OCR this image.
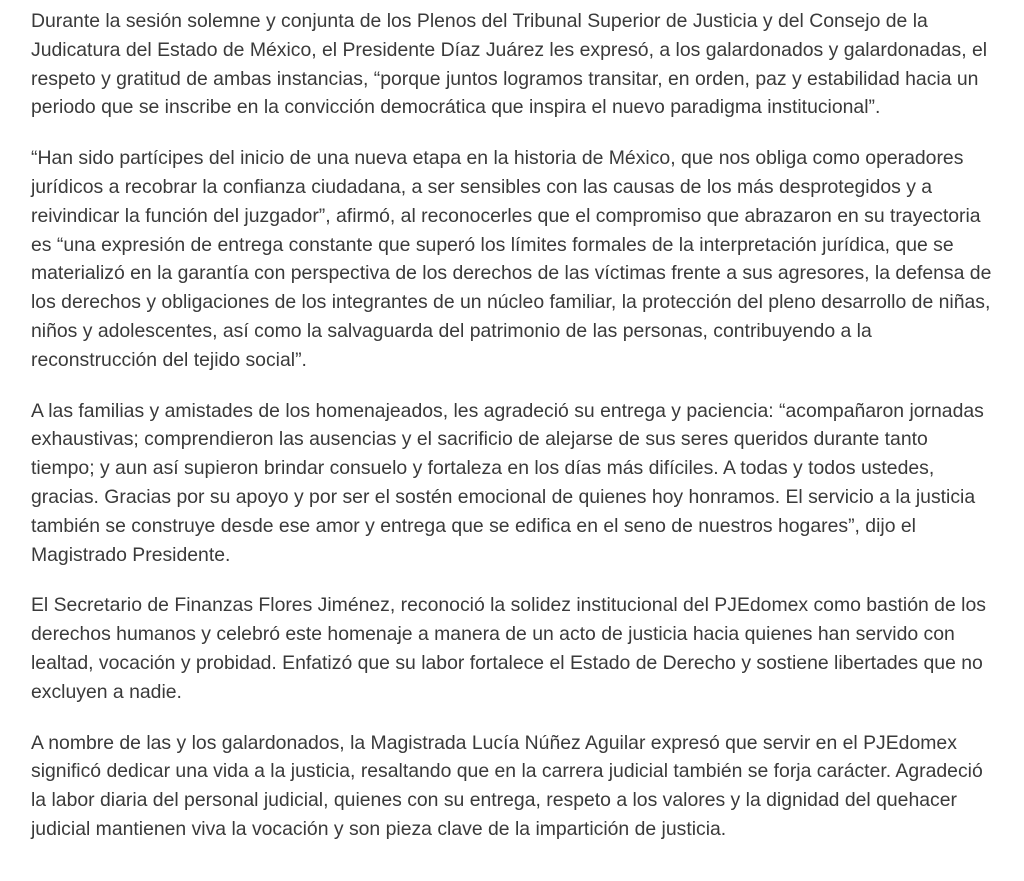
Durante la sesión solemne y conjunta de los Plenos del Tribunal Superior de Justicia y del Consejo de la Judicatura del Estado de México, el Presidente Díaz Juárez les expresó, a los galardonados y galardonadas, el respeto y gratitud de ambas instancias, “porque juntos logramos transitar, en orden, paz y estabilidad hacia un periodo que se inscribe en la convicción democrática que inspira el nuevo paradigma institucional”.

“Han sido partícipes del inicio de una nueva etapa en la historia de México, que nos obliga como operadores jurídicos a recobrar la confianza ciudadana, a ser sensibles con las causas de los más desprotegidos y a reivindicar la función del juzgador”, afirmó, al reconocerles que el compromiso que abrazaron en su trayectoria es “una expresión de entrega constante que superó los límites formales de la interpretación jurídica, que se materializó en la garantía con perspectiva de los derechos de las víctimas frente a sus agresores, la defensa de los derechos y obligaciones de los integrantes de un núcleo familiar, la protección del pleno desarrollo de niñas, niños y adolescentes, así como la salvaguarda del patrimonio de las personas, contribuyendo a la reconstrucción del tejido social”.

A las familias y amistades de los homenajeados, les agradeció su entrega y paciencia: “acompañaron jornadas exhaustivas; comprendieron las ausencias y el sacrificio de alejarse de sus seres queridos durante tanto tiempo; y aun así supieron brindar consuelo y fortaleza en los días más difíciles. A todas y todos ustedes, gracias. Gracias por su apoyo y por ser el sostén emocional de quienes hoy honramos. El servicio a la justicia también se construye desde ese amor y entrega que se edifica en el seno de nuestros hogares”, dijo el Magistrado Presidente.

El Secretario de Finanzas Flores Jiménez, reconoció la solidez institucional del PJEdomex como bastión de los derechos humanos y celebró este homenaje a manera de un acto de justicia hacia quienes han servido con lealtad, vocación y probidad. Enfatizó que su labor fortalece el Estado de Derecho y sostiene libertades que no excluyen a nadie.

A nombre de las y los galardonados, la Magistrada Lucía Núñez Aguilar expresó que servir en el PJEdomex significó dedicar una vida a la justicia, resaltando que en la carrera judicial también se forja carácter. Agradeció la labor diaria del personal judicial, quienes con su entrega, respeto a los valores y la dignidad del quehacer judicial mantienen viva la vocación y son pieza clave de la impartición de justicia.
